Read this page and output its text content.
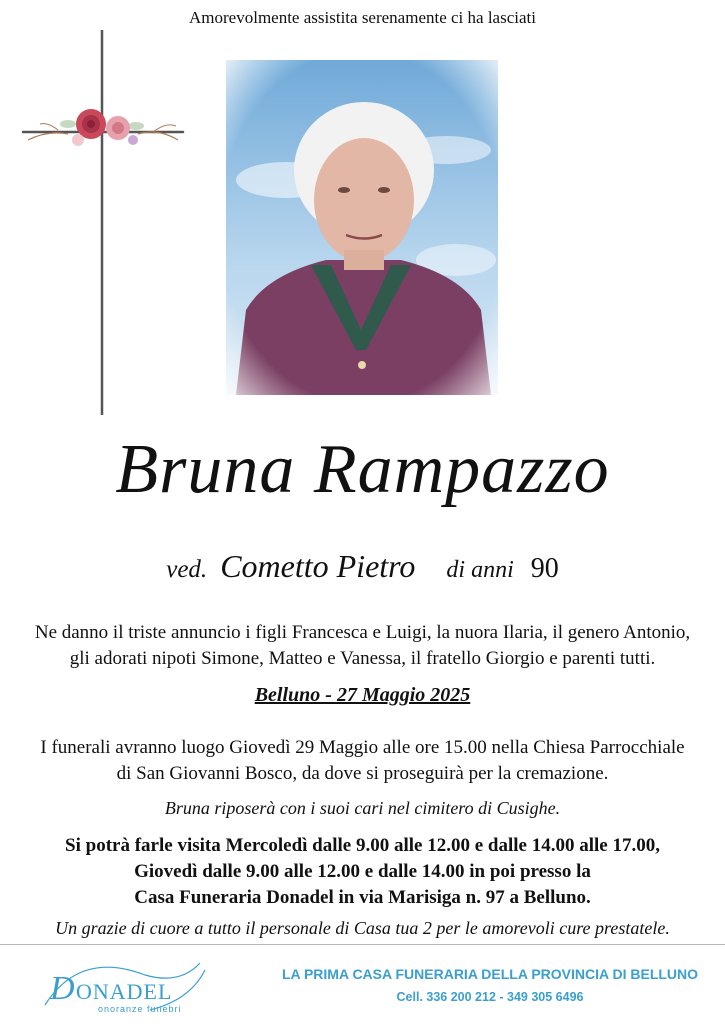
Amorevolmente assistita serenamente ci ha lasciati
Bruna Rampazzo
ved. Cometto Pietro di anni 90
Ne danno il triste annuncio i figli Francesca e Luigi, la nuora Ilaria, il genero Antonio,
gli adorati nipoti Simone, Matteo e Vanessa, il fratello Giorgio e parenti tutti.
Belluno - 27 Maggio 2025
I funerali avranno luogo Giovedì 29 Maggio alle ore 15.00 nella Chiesa Parrocchiale
di San Giovanni Bosco, da dove si proseguirà per la cremazione.
Bruna riposerà con i suoi cari nel cimitero di Cusighe.
Si potrà farle visita Mercoledì dalle 9.00 alle 12.00 e dalle 14.00 alle 17.00,
Giovedì dalle 9.00 alle 12.00 e dalle 14.00 in poi presso la
Casa Funeraria Donadel in via Marisiga n. 97 a Belluno.
Un grazie di cuore a tutto il personale di Casa tua 2 per le amorevoli cure prestatele.
D ONADEL
onoranze funebri
LA PRIMA CASA FUNERARIA DELLA PROVINCIA DI BELLUNO
Cell. 336 200 212 - 349 305 6496
